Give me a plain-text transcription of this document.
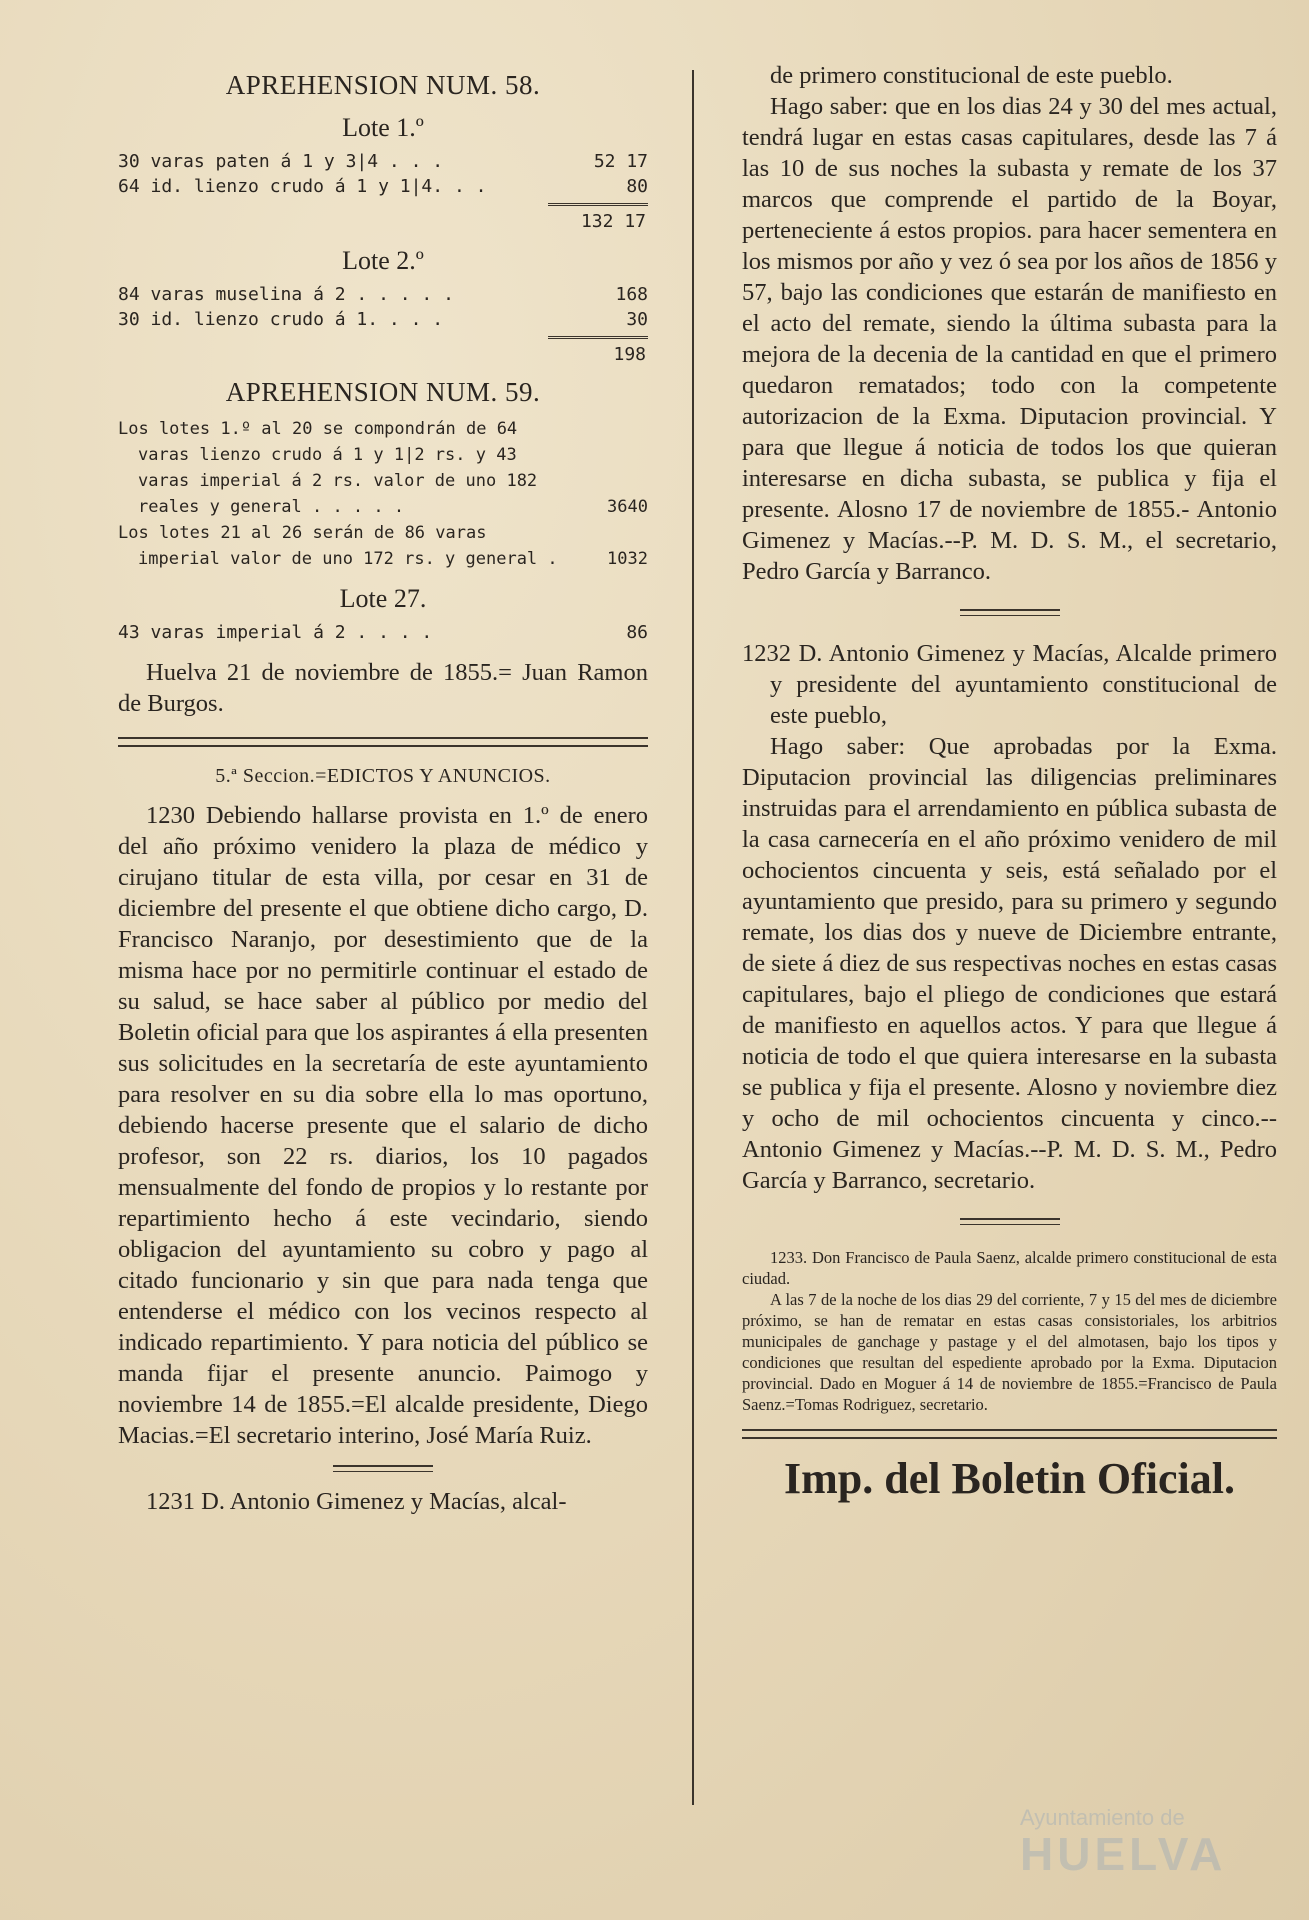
APREHENSION NUM. 58.
Lote 1.º
30 varas paten á 1 y 3|4 . . .	52 17
64 id. lienzo crudo á 1 y 1|4. . .	80
132 17
Lote 2.º
84 varas muselina á 2 . . . . .	168
30 id. lienzo crudo á 1. . . .	30
198
APREHENSION NUM. 59.
Los lotes 1.º al 20 se compondrán de 64 varas lienzo crudo á 1 y 1|2 rs. y 43 varas imperial á 2 rs. valor de uno 182 reales y general . . . . .	3640
Los lotes 21 al 26 serán de 86 varas imperial valor de uno 172 rs. y general .	1032
Lote 27.
43 varas imperial á 2 . . . .	86

Huelva 21 de noviembre de 1855.= Juan Ramon de Burgos.

5.ª Seccion.=EDICTOS Y ANUNCIOS.

1230 Debiendo hallarse provista en 1.º de enero del año próximo venidero la plaza de médico y cirujano titular de esta villa, por cesar en 31 de diciembre del presente el que obtiene dicho cargo, D. Francisco Naranjo, por desestimiento que de la misma hace por no permitirle continuar el estado de su salud, se hace saber al público por medio del Boletin oficial para que los aspirantes á ella presenten sus solicitudes en la secretaría de este ayuntamiento para resolver en su dia sobre ella lo mas oportuno, debiendo hacerse presente que el salario de dicho profesor, son 22 rs. diarios, los 10 pagados mensualmente del fondo de propios y lo restante por repartimiento hecho á este vecindario, siendo obligacion del ayuntamiento su cobro y pago al citado funcionario y sin que para nada tenga que entenderse el médico con los vecinos respecto al indicado repartimiento. Y para noticia del público se manda fijar el presente anuncio. Paimogo y noviembre 14 de 1855.=El alcalde presidente, Diego Macias.=El secretario interino, José María Ruiz.

1231 D. Antonio Gimenez y Macías, alcal-

de primero constitucional de este pueblo.

Hago saber: que en los dias 24 y 30 del mes actual, tendrá lugar en estas casas capitulares, desde las 7 á las 10 de sus noches la subasta y remate de los 37 marcos que comprende el partido de la Boyar, perteneciente á estos propios. para hacer sementera en los mismos por año y vez ó sea por los años de 1856 y 57, bajo las condiciones que estarán de manifiesto en el acto del remate, siendo la última subasta para la mejora de la decenia de la cantidad en que el primero quedaron rematados; todo con la competente autorizacion de la Exma. Diputacion provincial. Y para que llegue á noticia de todos los que quieran interesarse en dicha subasta, se publica y fija el presente. Alosno 17 de noviembre de 1855.- Antonio Gimenez y Macías.--P. M. D. S. M., el secretario, Pedro García y Barranco.

1232 D. Antonio Gimenez y Macías, Alcalde primero y presidente del ayuntamiento constitucional de este pueblo,

Hago saber: Que aprobadas por la Exma. Diputacion provincial las diligencias preliminares instruidas para el arrendamiento en pública subasta de la casa carnecería en el año próximo venidero de mil ochocientos cincuenta y seis, está señalado por el ayuntamiento que presido, para su primero y segundo remate, los dias dos y nueve de Diciembre entrante, de siete á diez de sus respectivas noches en estas casas capitulares, bajo el pliego de condiciones que estará de manifiesto en aquellos actos. Y para que llegue á noticia de todo el que quiera interesarse en la subasta se publica y fija el presente. Alosno y noviembre diez y ocho de mil ochocientos cincuenta y cinco.--Antonio Gimenez y Macías.--P. M. D. S. M., Pedro García y Barranco, secretario.

1233. Don Francisco de Paula Saenz, alcalde primero constitucional de esta ciudad.

A las 7 de la noche de los dias 29 del corriente, 7 y 15 del mes de diciembre próximo, se han de rematar en estas casas consistoriales, los arbitrios municipales de ganchage y pastage y el del almotasen, bajo los tipos y condiciones que resultan del espediente aprobado por la Exma. Diputacion provincial. Dado en Moguer á 14 de noviembre de 1855.=Francisco de Paula Saenz.=Tomas Rodriguez, secretario.

Imp. del Boletin Oficial.
Ayuntamiento de
HUELVA
